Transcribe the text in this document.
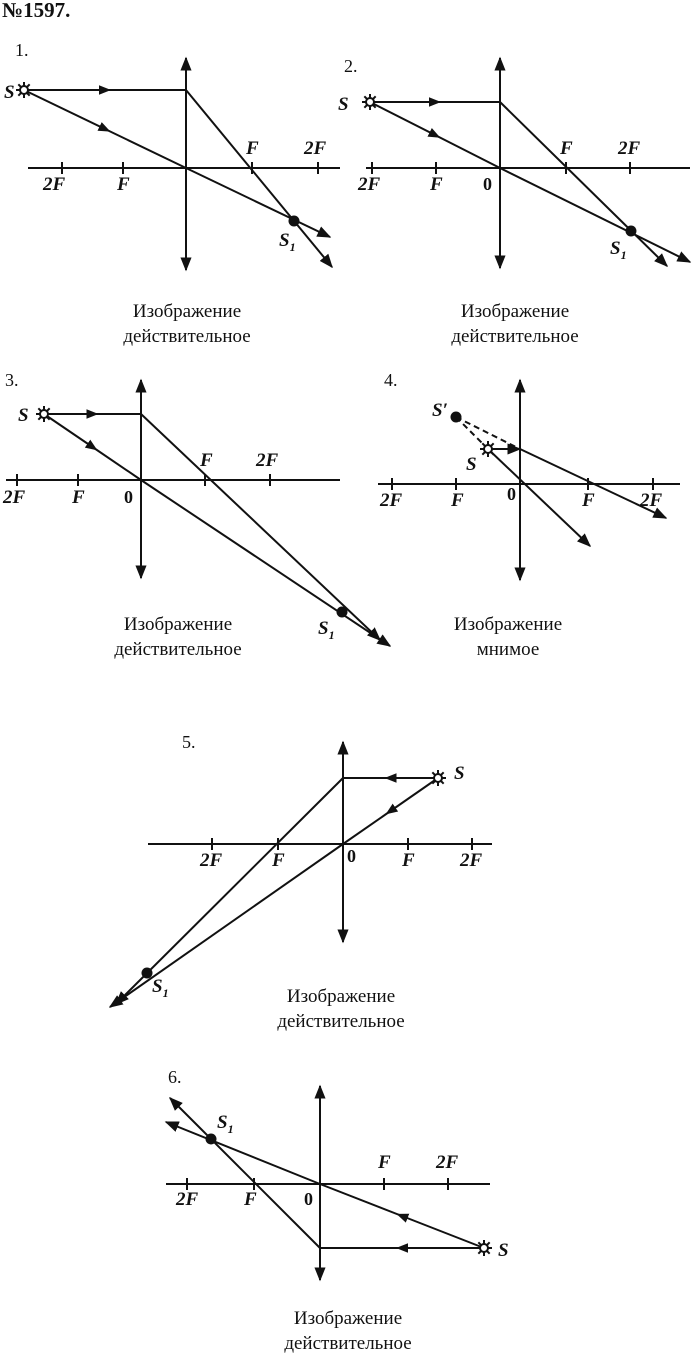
№1597.
1.
2F	F
F 2F
S
$S_1$
Изображение
действительное
2.
2F	F 0
F 2F
S
$S_1$
Изображение
действительное
3.
2F F 0
F 2F
S
$S_1$
Изображение
действительное
4.
2F	F 0	F 2F
S′
S
Изображение
мнимое
5.
2F	F	0 F 2F
S
$S_1$	Изображение
действительное
6.
2F F	0
F 2F
S
$S_1$
Изображение
действительное
